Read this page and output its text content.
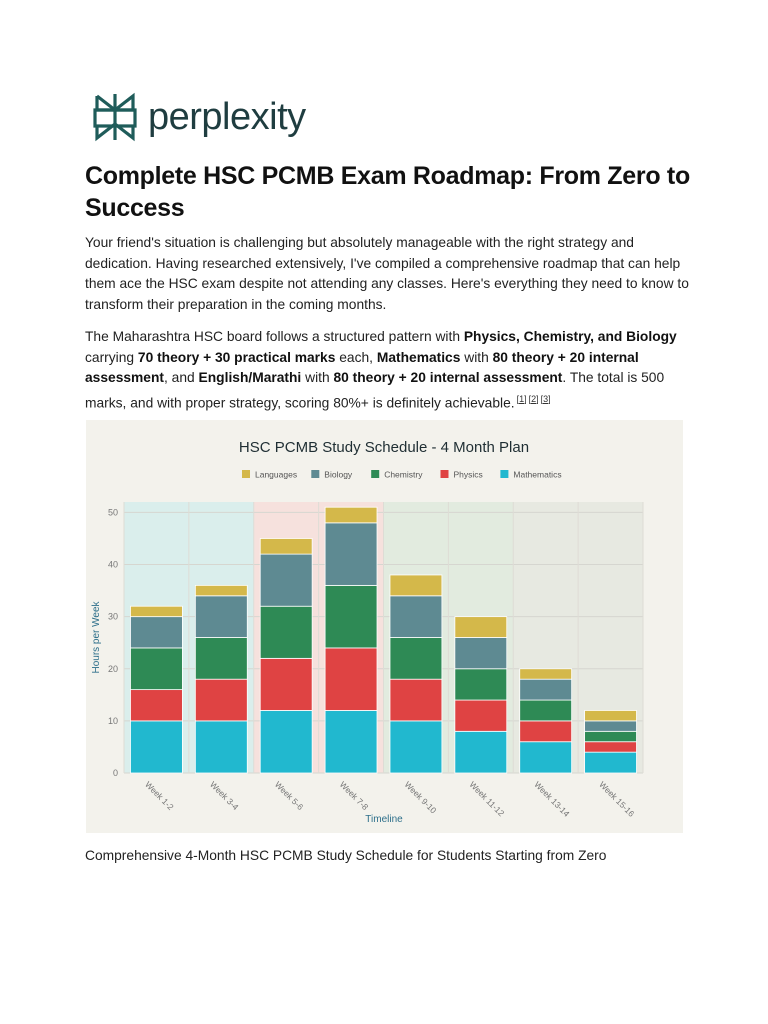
perplexity
Complete HSC PCMB Exam Roadmap: From Zero to Success

Your friend's situation is challenging but absolutely manageable with the right strategy and dedication. Having researched extensively, I've compiled a comprehensive roadmap that can help them ace the HSC exam despite not attending any classes. Here's everything they need to know to transform their preparation in the coming months.

The Maharashtra HSC board follows a structured pattern with Physics, Chemistry, and Biology carrying 70 theory + 30 practical marks each, Mathematics with 80 theory + 20 internal assessment, and English/Marathi with 80 theory + 20 internal assessment. The total is 500 marks, and with proper strategy, scoring 80%+ is definitely achievable. [1] [2] [3]

0
10
20
30
40
50
Week 1-2	Week 3-4	Week 5-6	Week 7-8	Week 9-10	Week 11-12	Week 13-14	Week 15-16
HSC PCMB Study Schedule - 4 Month Plan
Languages	Biology	Chemistry	Physics	Mathematics
Timeline
Hours per Week

Comprehensive 4-Month HSC PCMB Study Schedule for Students Starting from Zero
